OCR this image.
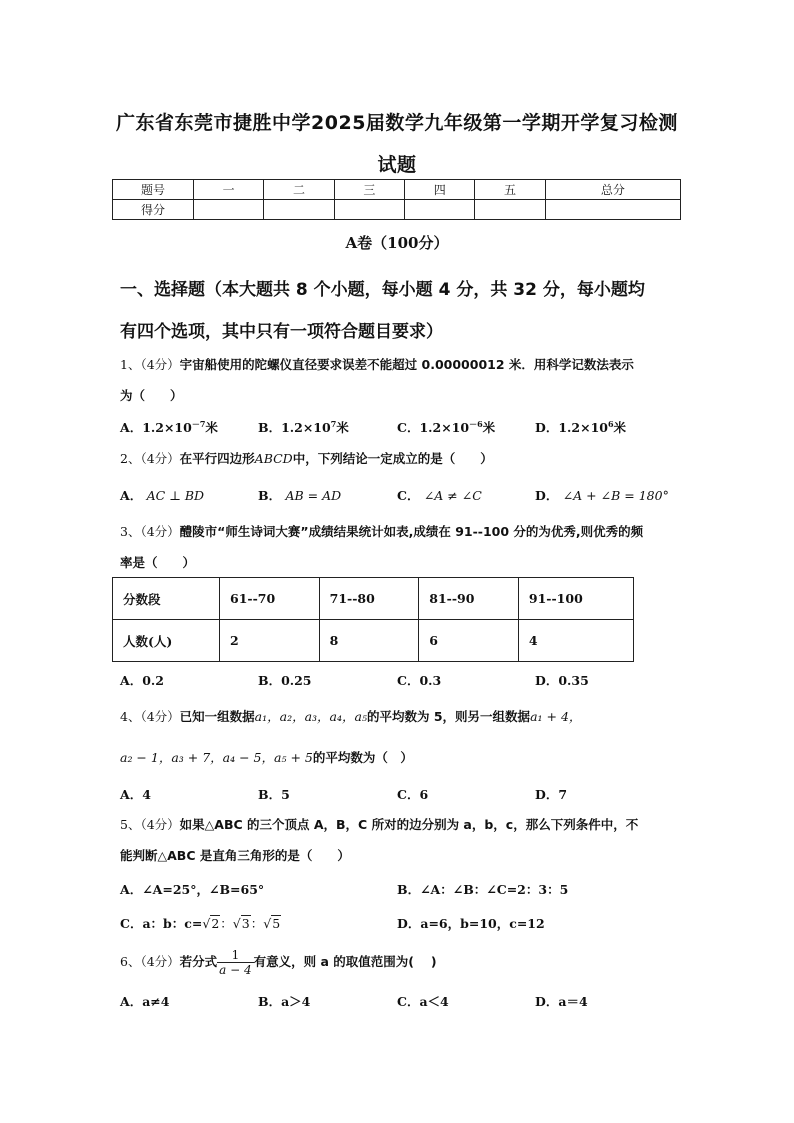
广东省东莞市捷胜中学2025届数学九年级第一学期开学复习检测
试题
题号	一	二	三	四	五	总分
得分						
A卷（100分）
一、选择题（本大题共 8 个小题，每小题 4 分，共 32 分，每小题均
有四个选项，其中只有一项符合题目要求）
1、（4分）宇宙船使用的陀螺仪直径要求误差不能超过 0.00000012 米．用科学记数法表示
为（　　）
A．$1.2\times 10^{-7}$米	B．$1.2\times 10^7$米	C．$1.2\times 10^{-6}$米	D．$1.2\times 10^6$米
2、（4分）在平行四边形ABCD中，下列结论一定成立的是（　　）
A． AC ⊥ BD	B． AB = AD	C． ∠A ≠ ∠C	D． ∠A + ∠B = 180°
3、（4分）醴陵市“师生诗词大赛”成绩结果统计如表,成绩在 91--100 分的为优秀,则优秀的频
率是（　　）
分数段	61--70	71--80	81--90	91--100
人数(人)	2	8	6	4
A．0.2	B．0.25	C．0.3	D．0.35
4、（4分）已知一组数据a₁，a₂，a₃，a₄，a₅的平均数为 5，则另一组数据a₁ + 4，
a₂ − 1，a₃ + 7，a₄ − 5，a₅ + 5的平均数为（　）
A．4	B．5	C．6	D．7
5、（4分）如果△ABC 的三个顶点 A，B，C 所对的边分别为 a，b，c，那么下列条件中，不
能判断△ABC 是直角三角形的是（　　）
A．∠A=25°，∠B=65°	B．∠A：∠B：∠C=2：3：5
C．a：b：c=√2：√3：√5	D．a=6，b=10，c=12
6、（4分）若分式 $\frac{1}{a - 4}$ 有意义，则 a 的取值范围为(　 )
A．a≠4	B．a＞4	C．a＜4	D．a＝4
